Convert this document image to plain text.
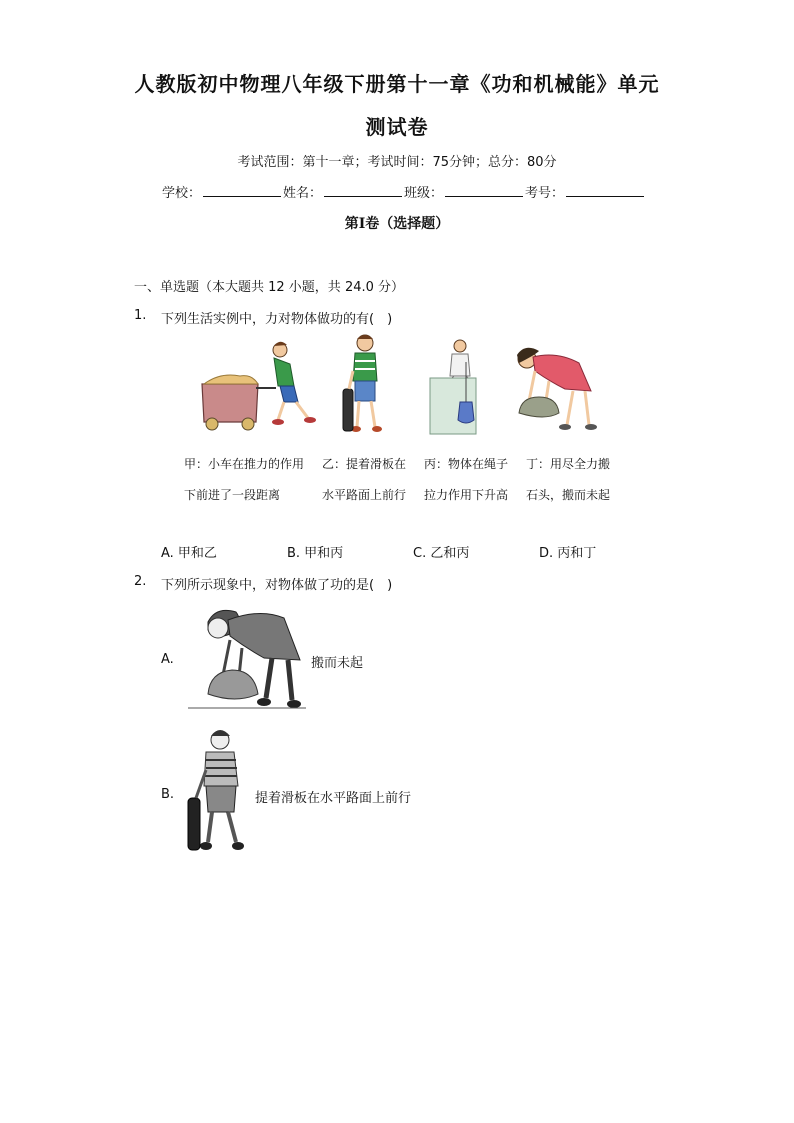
人教版初中物理八年级下册第十一章《功和机械能》单元
测试卷
考试范围：第十一章；考试时间：75分钟；总分：80分
学校：	姓名：	班级：	考号：
第I卷（选择题）
一、单选题（本大题共 12 小题，共 24.0 分）
1. 下列生活实例中，力对物体做功的有(　)
甲：小车在推力的作用
下前进了一段距离
乙：提着滑板在
水平路面上前行
丙：物体在绳子
拉力作用下升高
丁：用尽全力搬
石头，搬而未起
A. 甲和乙	B. 甲和丙	C. 乙和丙	D. 丙和丁
2. 下列所示现象中，对物体做了功的是(　)
A.	搬而未起
B.	提着滑板在水平路面上前行
